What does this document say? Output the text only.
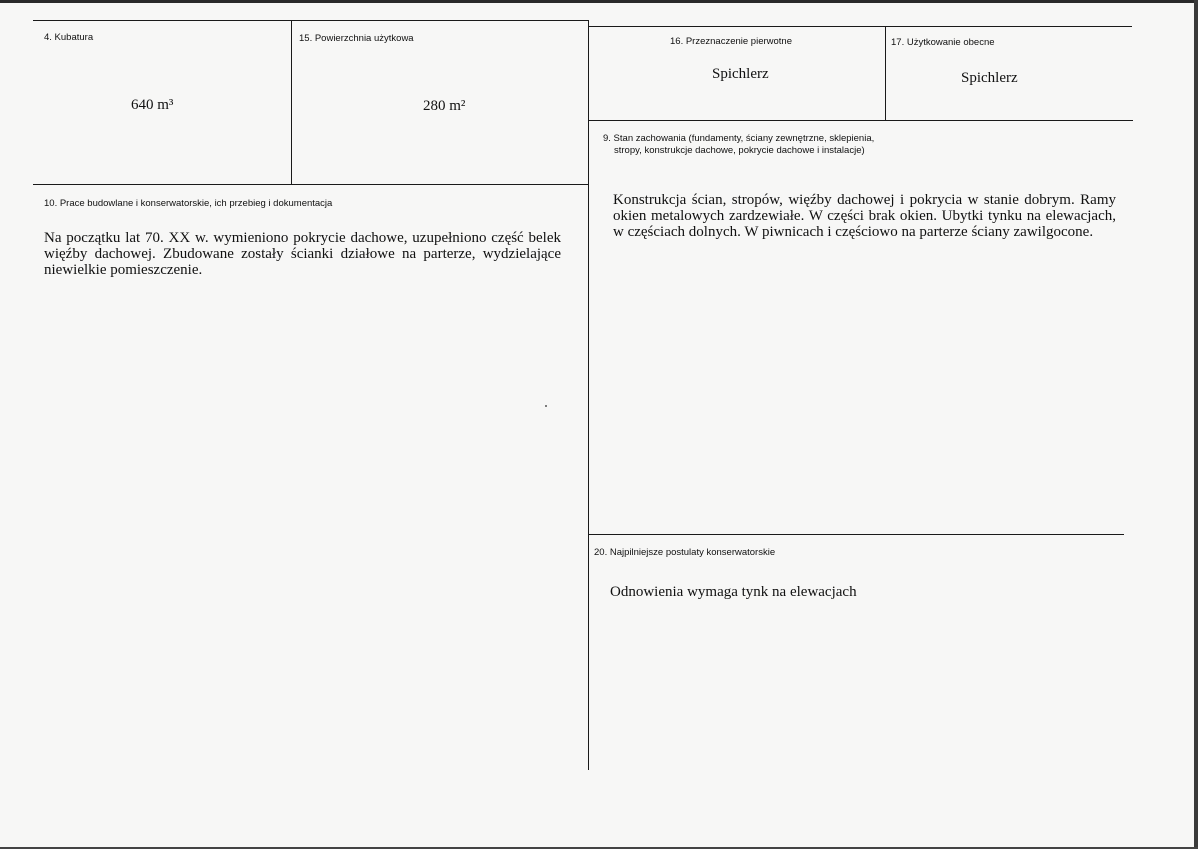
4. Kubatura
640 m³
15. Powierzchnia użytkowa
280 m²
16. Przeznaczenie pierwotne
Spichlerz
17. Użytkowanie obecne
Spichlerz
9. Stan zachowania (fundamenty, ściany zewnętrzne, sklepienia,
stropy, konstrukcje dachowe, pokrycie dachowe i instalacje)
Konstrukcja ścian, stropów, więźby dachowej i pokrycia w stanie dobrym. Ramy okien metalowych zardzewiałe. W części brak okien. Ubytki tynku na elewacjach, w częściach dolnych. W piwnicach i częściowo na parterze ściany zawilgocone.
10. Prace budowlane i konserwatorskie, ich przebieg i dokumentacja
Na początku lat 70. XX w. wymieniono pokrycie dachowe, uzupełniono część belek więźby dachowej. Zbudowane zostały ścianki działowe na parterze, wydzielające niewielkie pomieszczenie.
20. Najpilniejsze postulaty konserwatorskie
Odnowienia wymaga tynk na elewacjach
